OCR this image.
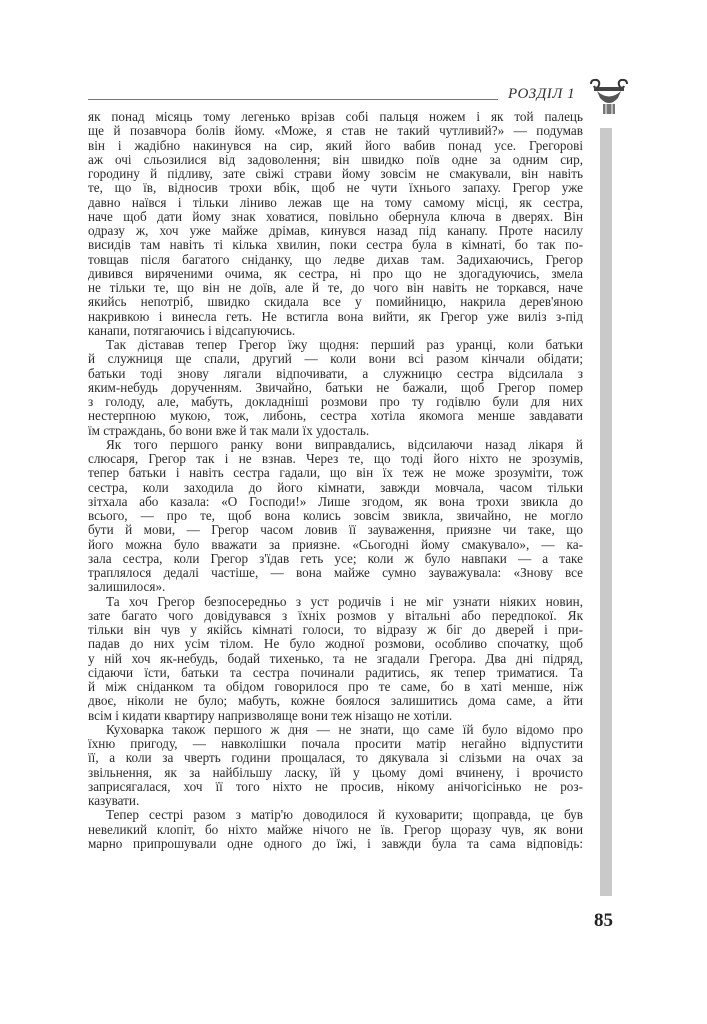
РОЗДІЛ 1
як понад місяць тому легенько врізав собі пальця ножем і як той палець
ще й позавчора болів йому. «Може, я став не такий чутливий?» — подумав
він і жадібно накинувся на сир, який його вабив понад усе. Грегорові
аж очі сльозилися від задоволення; він швидко поїв одне за одним сир,
городину й підливу, зате свіжі страви йому зовсім не смакували, він навіть
те, що їв, відносив трохи вбік, щоб не чути їхнього запаху. Грегор уже
давно наївся і тільки ліниво лежав ще на тому самому місці, як сестра,
наче щоб дати йому знак ховатися, повільно обернула ключа в дверях. Він
одразу ж, хоч уже майже дрімав, кинувся назад під канапу. Проте насилу
висидів там навіть ті кілька хвилин, поки сестра була в кімнаті, бо так по-
товщав після багатого сніданку, що ледве дихав там. Задихаючись, Грегор
дивився виряченими очима, як сестра, ні про що не здогадуючись, змела
не тільки те, що він не доїв, але й те, до чого він навіть не торкався, наче
якийсь непотріб, швидко скидала все у помийницю, накрила дерев'яною
накривкою і винесла геть. Не встигла вона вийти, як Грегор уже виліз з-під
канапи, потягаючись і відсапуючись.
Так діставав тепер Грегор їжу щодня: перший раз уранці, коли батьки
й служниця ще спали, другий — коли вони всі разом кінчали обідати;
батьки тоді знову лягали відпочивати, а служницю сестра відсилала з
яким-небудь дорученням. Звичайно, батьки не бажали, щоб Грегор помер
з голоду, але, мабуть, докладніші розмови про ту годівлю були для них
нестерпною мукою, тож, либонь, сестра хотіла якомога менше завдавати
їм страждань, бо вони вже й так мали їх удосталь.
Як того першого ранку вони виправдались, відсилаючи назад лікаря й
слюсаря, Грегор так і не взнав. Через те, що тоді його ніхто не зрозумів,
тепер батьки і навіть сестра гадали, що він їх теж не може зрозуміти, тож
сестра, коли заходила до його кімнати, завжди мовчала, часом тільки
зітхала або казала: «О Господи!» Лише згодом, як вона трохи звикла до
всього, — про те, щоб вона колись зовсім звикла, звичайно, не могло
бути й мови, — Грегор часом ловив її зауваження, приязне чи таке, що
його можна було вважати за приязне. «Сьогодні йому смакувало», — ка-
зала сестра, коли Грегор з'їдав геть усе; коли ж було навпаки — а таке
траплялося дедалі частіше, — вона майже сумно зауважувала: «Знову все
залишилося».
Та хоч Грегор безпосередньо з уст родичів і не міг узнати ніяких новин,
зате багато чого довідувався з їхніх розмов у вітальні або передпокої. Як
тільки він чув у якійсь кімнаті голоси, то відразу ж біг до дверей і при-
падав до них усім тілом. Не було жодної розмови, особливо спочатку, щоб
у ній хоч як-небудь, бодай тихенько, та не згадали Грегора. Два дні підряд,
сідаючи їсти, батьки та сестра починали радитись, як тепер триматися. Та
й між сніданком та обідом говорилося про те саме, бо в хаті менше, ніж
двоє, ніколи не було; мабуть, кожне боялося залишитись дома саме, а йти
всім і кидати квартиру напризволяще вони теж нізащо не хотіли.
Куховарка також першого ж дня — не знати, що саме їй було відомо про
їхню пригоду, — навколішки почала просити матір негайно відпустити
її, а коли за чверть години прощалася, то дякувала зі слізьми на очах за
звільнення, як за найбільшу ласку, їй у цьому домі вчинену, і врочисто
заприсягалася, хоч її того ніхто не просив, нікому анічогісінько не роз-
казувати.
Тепер сестрі разом з матір'ю доводилося й куховарити; щоправда, це був
невеликий клопіт, бо ніхто майже нічого не їв. Грегор щоразу чув, як вони
марно припрошували одне одного до їжі, і завжди була та сама відповідь:
85
